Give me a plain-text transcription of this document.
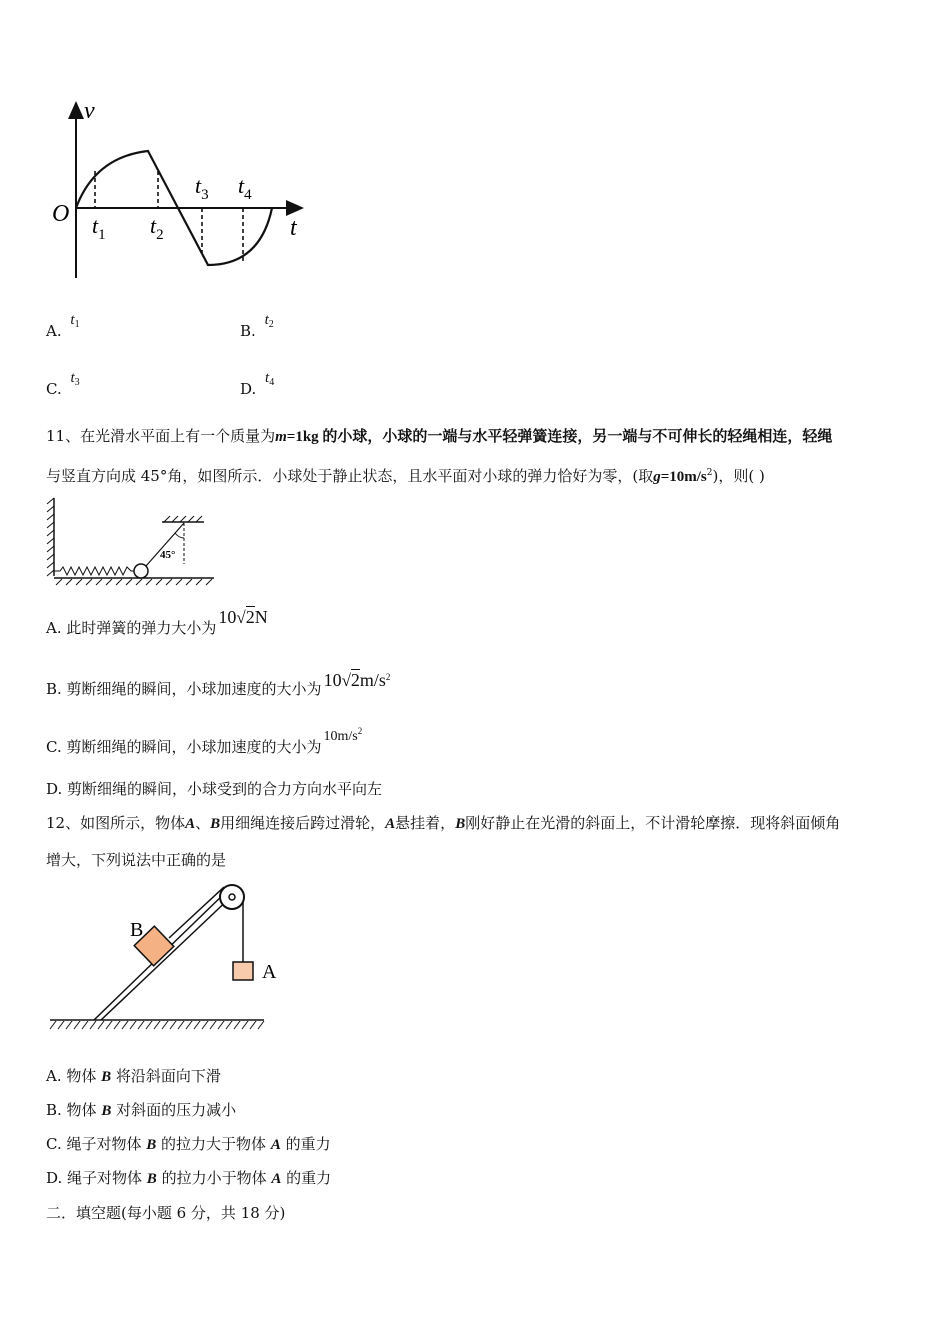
v
t
O $t_1$ $t_2$
$t_3$ $t_4$
A. $t_1$	B. $t_2$
C. $t_3$	D. $t_4$
11、在光滑水平面上有一个质量为m=1kg 的小球，小球的一端与水平轻弹簧连接，另一端与不可伸长的轻绳相连，轻绳
与竖直方向成 45°角，如图所示．小球处于静止状态，且水平面对小球的弹力恰好为零，(取$g=10m/s^2$)，则( )
45°
A. 此时弹簧的弹力大小为10√2N
B. 剪断细绳的瞬间，小球加速度的大小为 $10√2m/s^2$
C. 剪断细绳的瞬间，小球加速度的大小为$10m/s^2$
D. 剪断细绳的瞬间，小球受到的合力方向水平向左
12、如图所示，物体A、B用细绳连接后跨过滑轮，A悬挂着，B刚好静止在光滑的斜面上，不计滑轮摩擦．现将斜面倾角
增大，下列说法中正确的是
B
A
A. 物体 B 将沿斜面向下滑
B. 物体 B 对斜面的压力减小
C. 绳子对物体 B 的拉力大于物体 A 的重力
D. 绳子对物体 B 的拉力小于物体 A 的重力
二．填空题(每小题 6 分，共 18 分)
